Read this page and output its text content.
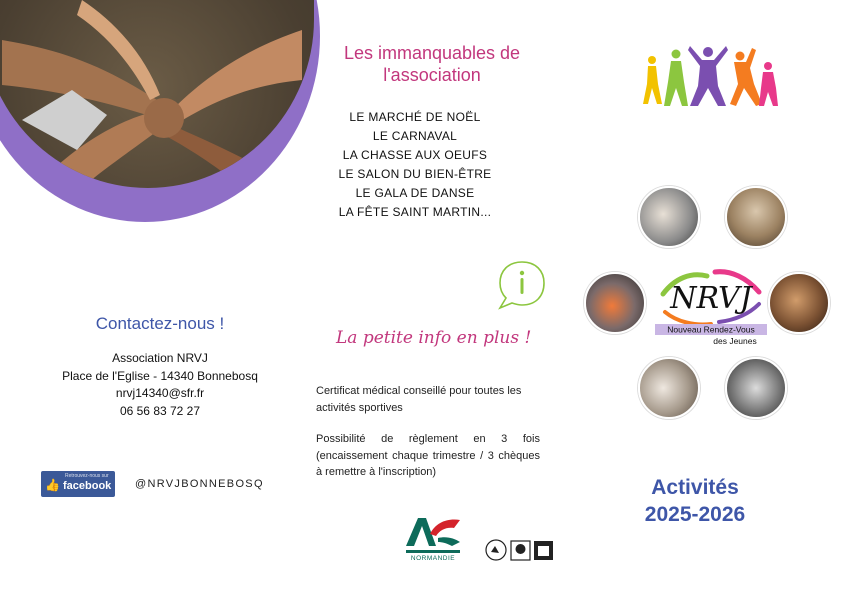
Les immanquables de l'association
LE MARCHÉ DE NOËL
LE CARNAVAL
LA CHASSE AUX OEUFS
LE SALON DU BIEN-ÊTRE
LE GALA DE DANSE
LA FÊTE SAINT MARTIN...
Contactez-nous !
Association NRVJ
Place de l'Eglise - 14340 Bonnebosq
nrvj14340@sfr.fr
06 56 83 72 27
👍
Retrouvez-nous sur
facebook @NRVJBONNEBOSQ
La petite info en plus !
Certificat médical conseillé pour toutes les activités sportives
Possibilité de règlement en 3 fois (encaissement chaque trimestre / 3 chèques à remettre à l'inscription)
NORMANDIE
NRVJ
Nouveau Rendez-Vous
des Jeunes
Activités
2025-2026
